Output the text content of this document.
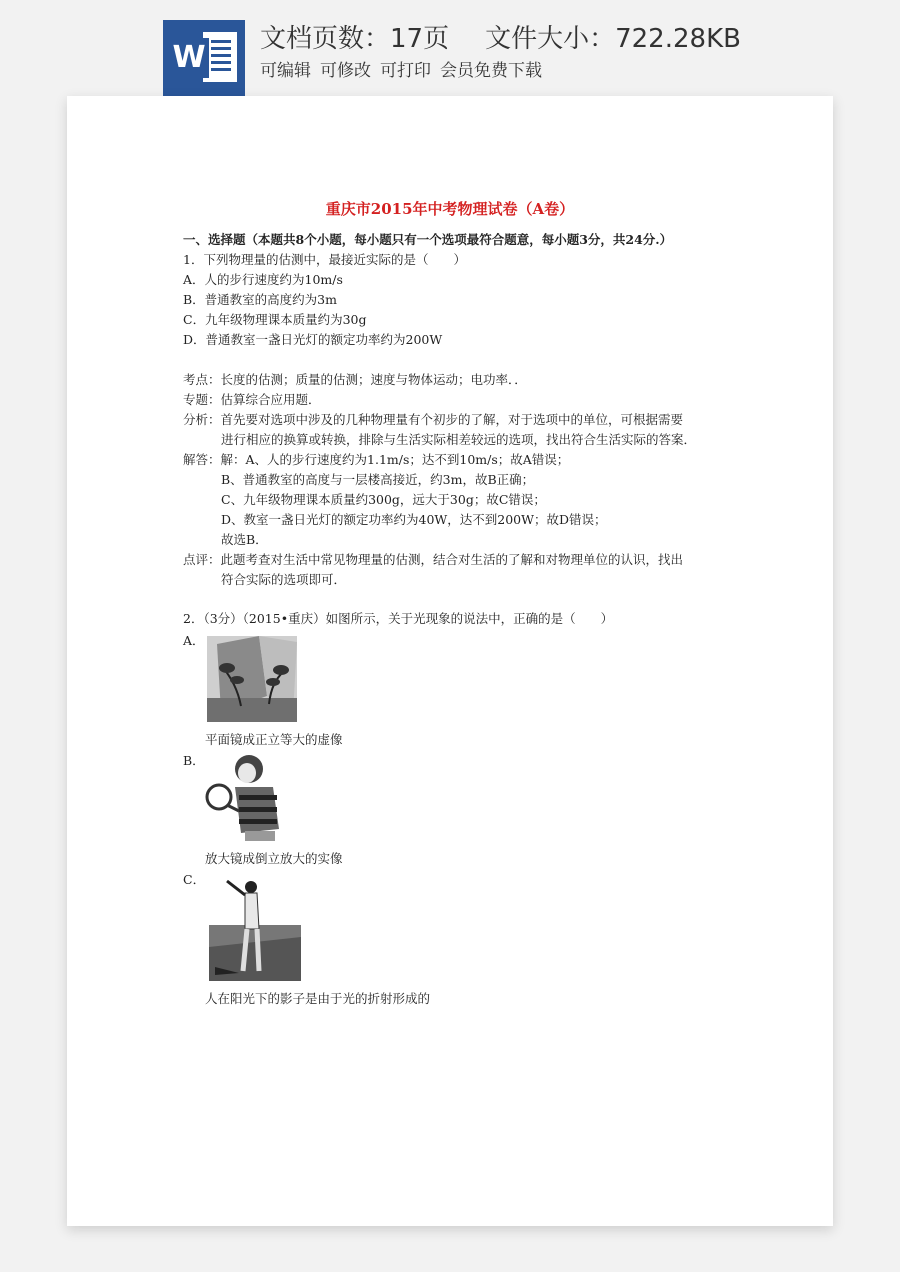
W
文档页数：17页 文件大小：722.28KB
可编辑 可修改 可打印 会员免费下载
重庆市2015年中考物理试卷（A卷）
一、选择题（本题共8个小题，每小题只有一个选项最符合题意，每小题3分，共24分.）
1．下列物理量的估测中，最接近实际的是（　　）
A．人的步行速度约为10m/s
B．普通教室的高度约为3m
C．九年级物理课本质量约为30g
D．普通教室一盏日光灯的额定功率约为200W
考点：长度的估测；质量的估测；速度与物体运动；电功率．．
专题：估算综合应用题．
分析：首先要对选项中涉及的几种物理量有个初步的了解，对于选项中的单位，可根据需要
进行相应的换算或转换，排除与生活实际相差较远的选项，找出符合生活实际的答案．
解答：解：A、人的步行速度约为1.1m/s；达不到10m/s；故A错误；
B、普通教室的高度与一层楼高接近，约3m，故B正确；
C、九年级物理课本质量约300g，远大于30g；故C错误；
D、教室一盏日光灯的额定功率约为40W，达不到200W；故D错误；
故选B．
点评：此题考查对生活中常见物理量的估测，结合对生活的了解和对物理单位的认识，找出
符合实际的选项即可．
2．（3分）（2015•重庆）如图所示，关于光现象的说法中，正确的是（　　）
A．
平面镜成正立等大的虚像
B．
放大镜成倒立放大的实像
C．
人在阳光下的影子是由于光的折射形成的
